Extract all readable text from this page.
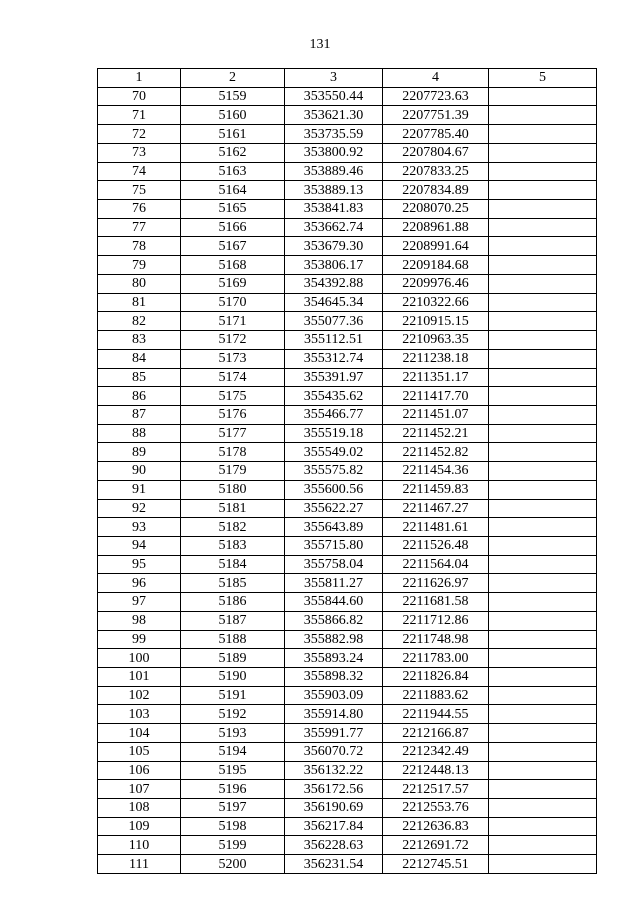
131
1	2	3	4	5
70	5159	353550.44	2207723.63	
71	5160	353621.30	2207751.39	
72	5161	353735.59	2207785.40	
73	5162	353800.92	2207804.67	
74	5163	353889.46	2207833.25	
75	5164	353889.13	2207834.89	
76	5165	353841.83	2208070.25	
77	5166	353662.74	2208961.88	
78	5167	353679.30	2208991.64	
79	5168	353806.17	2209184.68	
80	5169	354392.88	2209976.46	
81	5170	354645.34	2210322.66	
82	5171	355077.36	2210915.15	
83	5172	355112.51	2210963.35	
84	5173	355312.74	2211238.18	
85	5174	355391.97	2211351.17	
86	5175	355435.62	2211417.70	
87	5176	355466.77	2211451.07	
88	5177	355519.18	2211452.21	
89	5178	355549.02	2211452.82	
90	5179	355575.82	2211454.36	
91	5180	355600.56	2211459.83	
92	5181	355622.27	2211467.27	
93	5182	355643.89	2211481.61	
94	5183	355715.80	2211526.48	
95	5184	355758.04	2211564.04	
96	5185	355811.27	2211626.97	
97	5186	355844.60	2211681.58	
98	5187	355866.82	2211712.86	
99	5188	355882.98	2211748.98	
100	5189	355893.24	2211783.00	
101	5190	355898.32	2211826.84	
102	5191	355903.09	2211883.62	
103	5192	355914.80	2211944.55	
104	5193	355991.77	2212166.87	
105	5194	356070.72	2212342.49	
106	5195	356132.22	2212448.13	
107	5196	356172.56	2212517.57	
108	5197	356190.69	2212553.76	
109	5198	356217.84	2212636.83	
110	5199	356228.63	2212691.72	
111	5200	356231.54	2212745.51	
